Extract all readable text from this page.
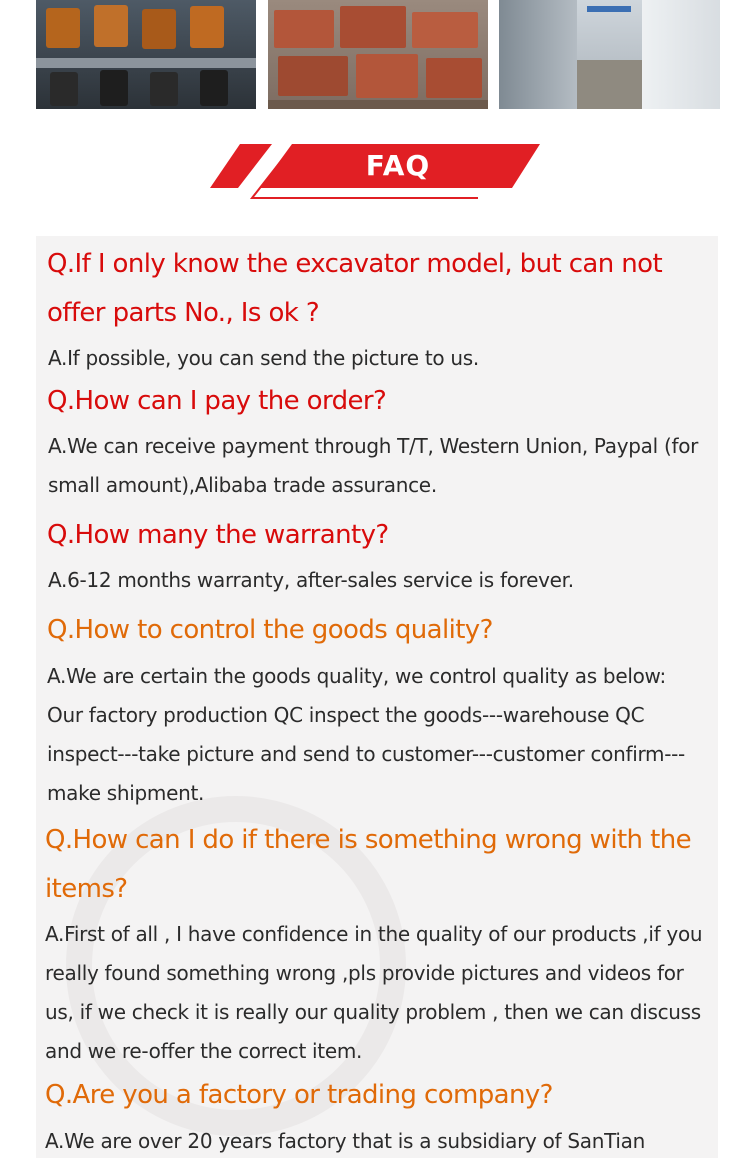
FAQ

Q.If I only know the excavator model, but can not offer parts No., Is ok ?

A.If possible, you can send the picture to us.

Q.How can I pay the order?

A.We can receive payment through T/T, Western Union, Paypal (for small amount),Alibaba trade assurance.

Q.How many the warranty?

A.6-12 months warranty, after-sales service is forever.

Q.How to control the goods quality?

A.We are certain the goods quality, we control quality as below: Our factory production QC inspect the goods---warehouse QC inspect---take picture and send to customer---customer confirm---make shipment.

Q.How can I do if there is something wrong with the items?

A.First of all , I have confidence in the quality of our products ,if you really found something wrong ,pls provide pictures and videos for us, if we check it is really our quality problem , then we can discuss and we re-offer the correct item.

Q.Are you a factory or trading company?

A.We are over 20 years factory that is a subsidiary of SanTian
